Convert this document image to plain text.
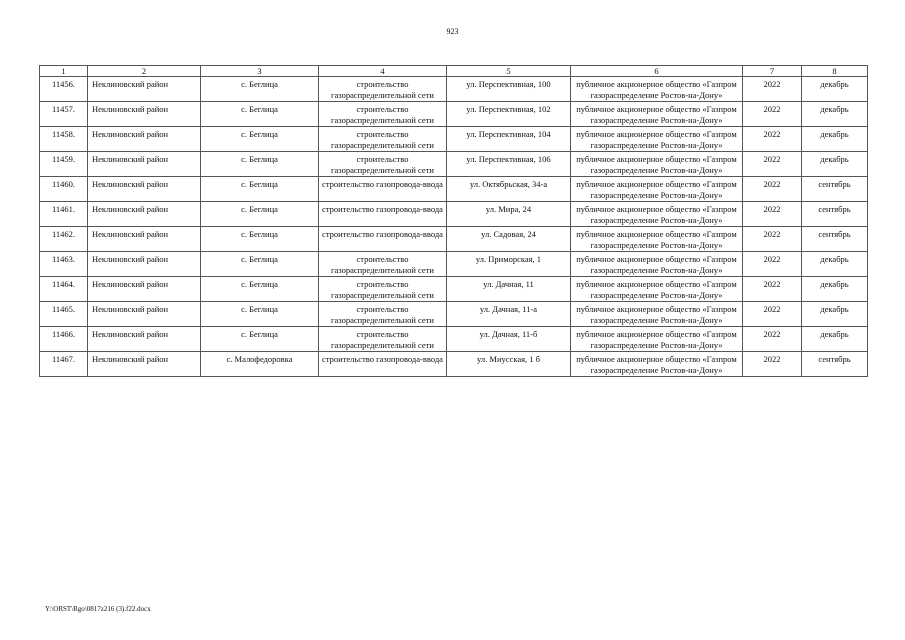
923
1	2	3	4	5	6	7	8
11456.	Неклиновский район	с. Беглица	строительство газораспределительной сети	ул. Перспективная, 100	публичное акционерное общество «Газпром газораспределение Ростов-на-Дону»	2022	декабрь
11457.	Неклиновский район	с. Беглица	строительство газораспределительной сети	ул. Перспективная, 102	публичное акционерное общество «Газпром газораспределение Ростов-на-Дону»	2022	декабрь
11458.	Неклиновский район	с. Беглица	строительство газораспределительной сети	ул. Перспективная, 104	публичное акционерное общество «Газпром газораспределение Ростов-на-Дону»	2022	декабрь
11459.	Неклиновский район	с. Беглица	строительство газораспределительной сети	ул. Перспективная, 106	публичное акционерное общество «Газпром газораспределение Ростов-на-Дону»	2022	декабрь
11460.	Неклиновский район	с. Беглица	строительство газопровода-ввода	ул. Октябрьская, 34-а	публичное акционерное общество «Газпром газораспределение Ростов-на-Дону»	2022	сентябрь
11461.	Неклиновский район	с. Беглица	строительство газопровода-ввода	ул. Мира, 24	публичное акционерное общество «Газпром газораспределение Ростов-на-Дону»	2022	сентябрь
11462.	Неклиновский район	с. Беглица	строительство газопровода-ввода	ул. Садовая, 24	публичное акционерное общество «Газпром газораспределение Ростов-на-Дону»	2022	сентябрь
11463.	Неклиновский район	с. Беглица	строительство газораспределительной сети	ул. Приморская, 1	публичное акционерное общество «Газпром газораспределение Ростов-на-Дону»	2022	декабрь
11464.	Неклиновский район	с. Беглица	строительство газораспределительной сети	ул. Дачная, 11	публичное акционерное общество «Газпром газораспределение Ростов-на-Дону»	2022	декабрь
11465.	Неклиновский район	с. Беглица	строительство газораспределительной сети	ул. Дачная, 11-а	публичное акционерное общество «Газпром газораспределение Ростов-на-Дону»	2022	декабрь
11466.	Неклиновский район	с. Беглица	строительство газораспределительной сети	ул. Дачная, 11-б	публичное акционерное общество «Газпром газораспределение Ростов-на-Дону»	2022	декабрь
11467.	Неклиновский район	с. Малофедоровка	строительство газопровода-ввода	ул. Миусская, 1 б	публичное акционерное общество «Газпром газораспределение Ростов-на-Дону»	2022	сентябрь
Y:\ORST\Rgo\0817z216 (3).f22.docx
